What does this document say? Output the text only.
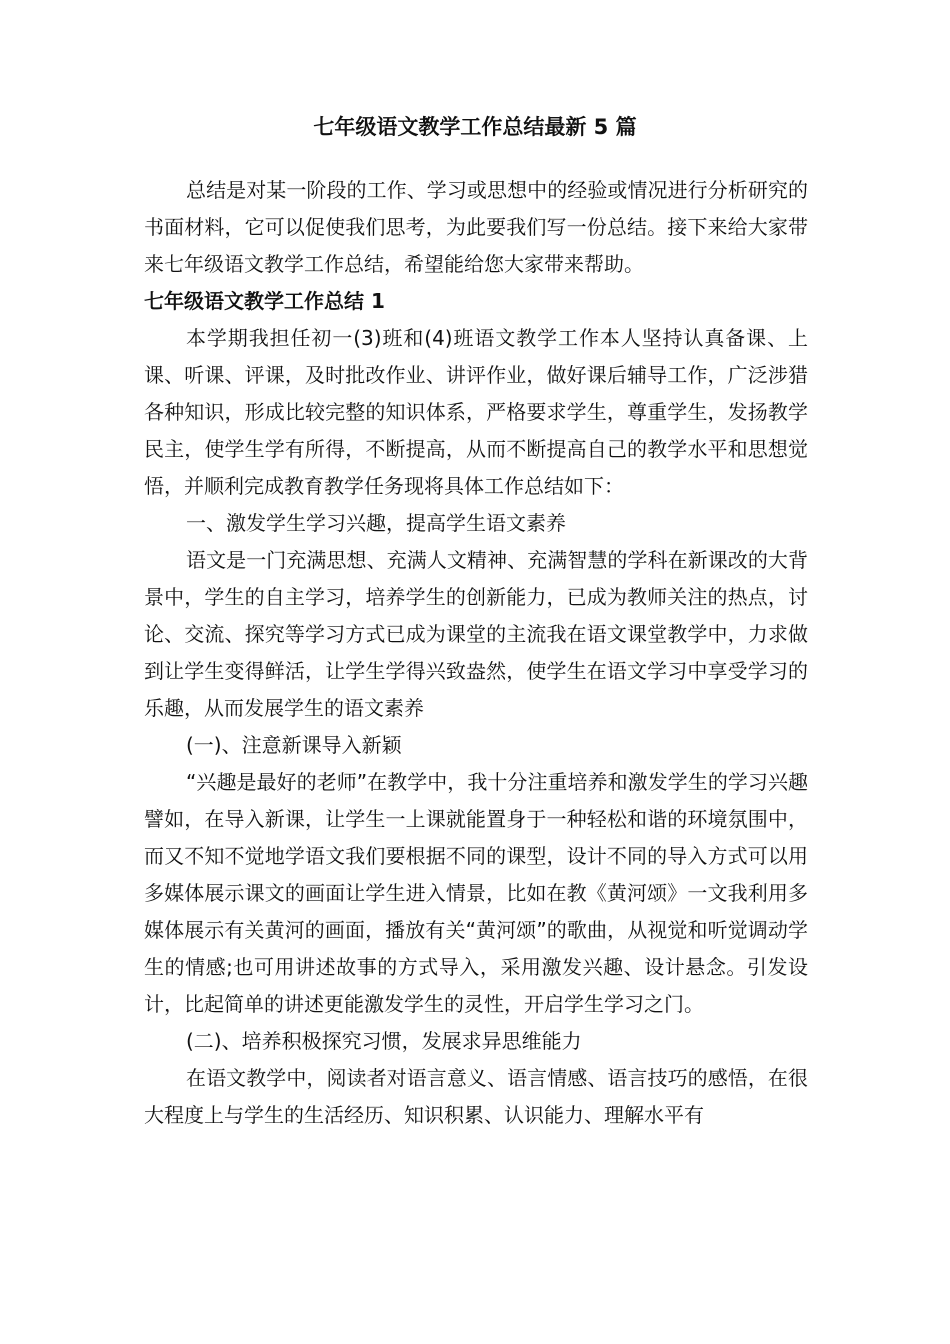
七年级语文教学工作总结最新 5 篇

总结是对某一阶段的工作、学习或思想中的经验或情况进行分析研究的书面材料，它可以促使我们思考，为此要我们写一份总结。接下来给大家带来七年级语文教学工作总结，希望能给您大家带来帮助。

七年级语文教学工作总结 1

本学期我担任初一(3)班和(4)班语文教学工作本人坚持认真备课、上课、听课、评课，及时批改作业、讲评作业，做好课后辅导工作，广泛涉猎各种知识，形成比较完整的知识体系，严格要求学生，尊重学生，发扬教学民主，使学生学有所得，不断提高，从而不断提高自己的教学水平和思想觉悟，并顺利完成教育教学任务现将具体工作总结如下：

一、激发学生学习兴趣，提高学生语文素养

语文是一门充满思想、充满人文精神、充满智慧的学科在新课改的大背景中，学生的自主学习，培养学生的创新能力，已成为教师关注的热点，讨论、交流、探究等学习方式已成为课堂的主流我在语文课堂教学中，力求做到让学生变得鲜活，让学生学得兴致盎然，使学生在语文学习中享受学习的乐趣，从而发展学生的语文素养

(一)、注意新课导入新颖

“兴趣是最好的老师”在教学中，我十分注重培养和激发学生的学习兴趣譬如，在导入新课，让学生一上课就能置身于一种轻松和谐的环境氛围中，而又不知不觉地学语文我们要根据不同的课型，设计不同的导入方式可以用多媒体展示课文的画面让学生进入情景，比如在教《黄河颂》一文我利用多媒体展示有关黄河的画面，播放有关“黄河颂”的歌曲，从视觉和听觉调动学生的情感;也可用讲述故事的方式导入，采用激发兴趣、设计悬念。引发设计，比起简单的讲述更能激发学生的灵性，开启学生学习之门。

(二)、培养积极探究习惯，发展求异思维能力

在语文教学中，阅读者对语言意义、语言情感、语言技巧的感悟，在很大程度上与学生的生活经历、知识积累、认识能力、理解水平有
